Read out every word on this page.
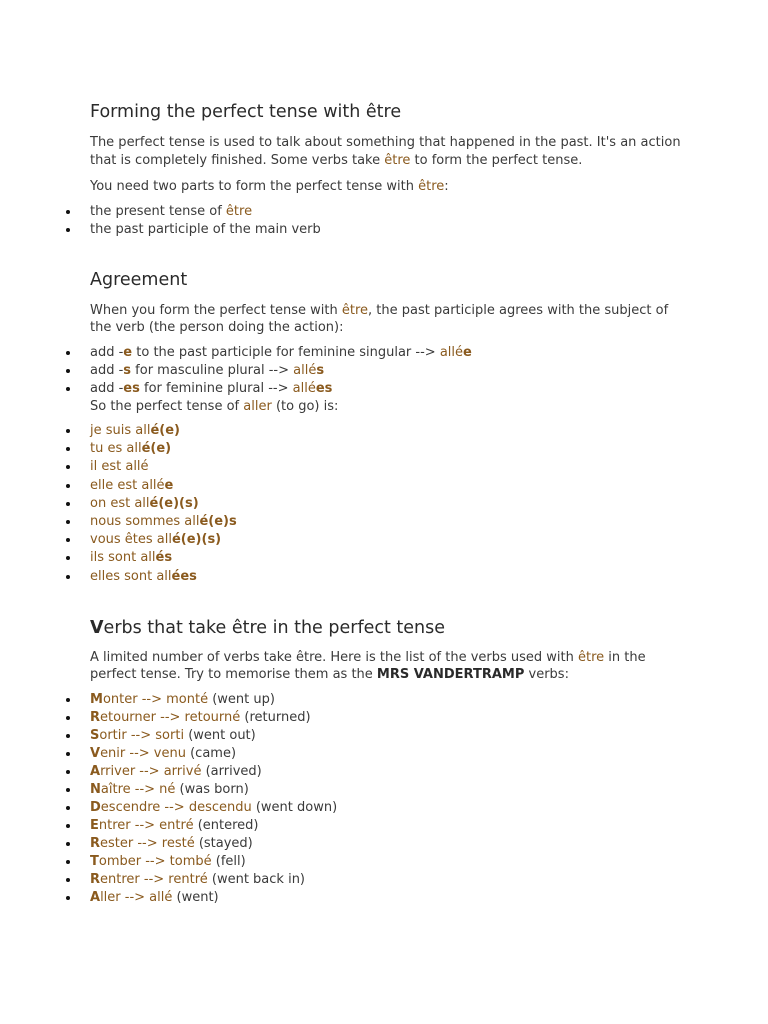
Forming the perfect tense with être

The perfect tense is used to talk about something that happened in the past. It's an action that is completely finished. Some verbs take être to form the perfect tense.

You need two parts to form the perfect tense with être:

the present tense of être
the past participle of the main verb
Agreement

When you form the perfect tense with être, the past participle agrees with the subject of the verb (the person doing the action):

add -e to the past participle for feminine singular --> allée
add -s for masculine plural --> allés
add -es for feminine plural --> allées

So the perfect tense of aller (to go) is:

je suis allé(e)
tu es allé(e)
il est allé
elle est allée
on est allé(e)(s)
nous sommes allé(e)s
vous êtes allé(e)(s)
ils sont allés
elles sont allées
Verbs that take être in the perfect tense

A limited number of verbs take être. Here is the list of the verbs used with être in the perfect tense. Try to memorise them as the MRS VANDERTRAMP verbs:

Monter --> monté (went up)
Retourner --> retourné (returned)
Sortir --> sorti (went out)
Venir --> venu (came)
Arriver --> arrivé (arrived)
Naître --> né (was born)
Descendre --> descendu (went down)
Entrer --> entré (entered)
Rester --> resté (stayed)
Tomber --> tombé (fell)
Rentrer --> rentré (went back in)
Aller --> allé (went)
